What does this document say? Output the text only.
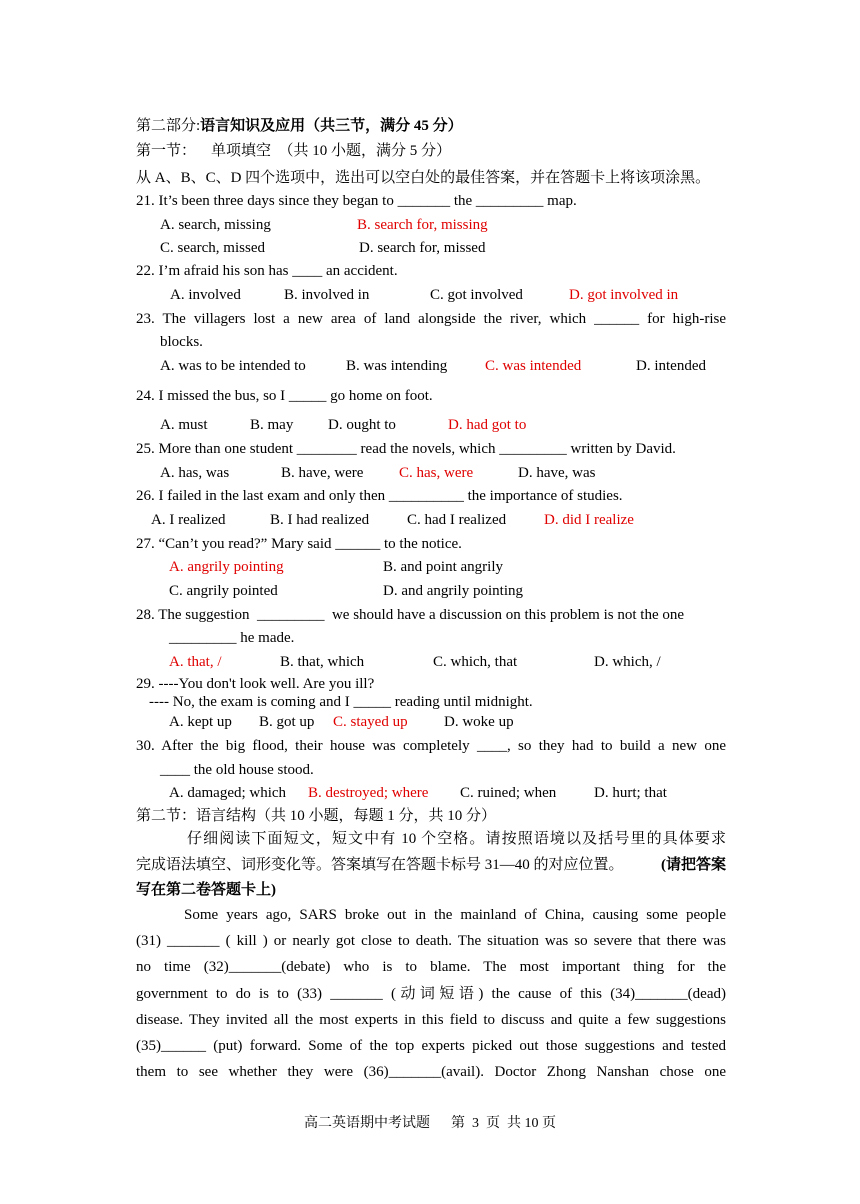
第二部分:语言知识及应用（共三节，满分 45 分）
第一节：    单项填空  （共 10 小题，满分 5 分）
从 A、B、C、D 四个选项中，选出可以空白处的最佳答案，并在答题卡上将该项涂黑。
21. It’s been three days since they began to _______ the _________ map.
A. search, missing	B. search for, missing
C. search, missed	D. search for, missed
22. I’m afraid his son has ____ an accident.
A. involved	B. involved in	C. got involved	D. got involved in
23. The villagers lost a new area of land alongside the river, which ______ for high-rise
blocks.
A. was to be intended to	B. was intending	C. was intended	D. intended
24. I missed the bus, so I _____ go home on foot.
A. must	B. may D. ought to	D. had got to
25. More than one student ________ read the novels, which _________ written by David.
A. has, was	B. have, were C. has, were	D. have, was
26. I failed in the last exam and only then __________ the importance of studies.
A. I realized	B. I had realized	C. had I realized	D. did I realize
27. “Can’t you read?” Mary said ______ to the notice.
A. angrily pointing	B. and point angrily
C. angrily pointed	D. and angrily pointing
28. The suggestion  _________  we should have a discussion on this problem is not the one
_________ he made.
A. that, /	B. that, which	C. which, that	D. which, /
29. ----You don't look well. Are you ill?
---- No, the exam is coming and I _____ reading until midnight.
A. kept up B. got up C. stayed up D. woke up
30. After the big flood, their house was completely ____, so they had to build a new one
____ the old house stood.
A. damaged; which B. destroyed; where C. ruined; when	D. hurt; that
第二节：语言结构（共 10 小题，每题 1 分，共 10 分）
仔细阅读下面短文，短文中有 10 个空格。请按照语境以及括号里的具体要求
完成语法填空、词形变化等。答案填写在答题卡标号 31—40 的对应位置。 (请把答案
写在第二卷答题卡上)
Some years ago, SARS broke out in the mainland of China, causing some people
(31) _______ ( kill ) or nearly got close to death. The situation was so severe that there was
no time (32)_______(debate) who is to blame. The most important thing for the
government to do is to (33) _______ (动词短语) the cause of this (34)_______(dead)
disease. They invited all the most experts in this field to discuss and quite a few suggestions
(35)______ (put) forward. Some of the top experts picked out those suggestions and tested
them to see whether they were (36)_______(avail). Doctor Zhong Nanshan chose one
高二英语期中考试题      第  3  页  共 10 页
